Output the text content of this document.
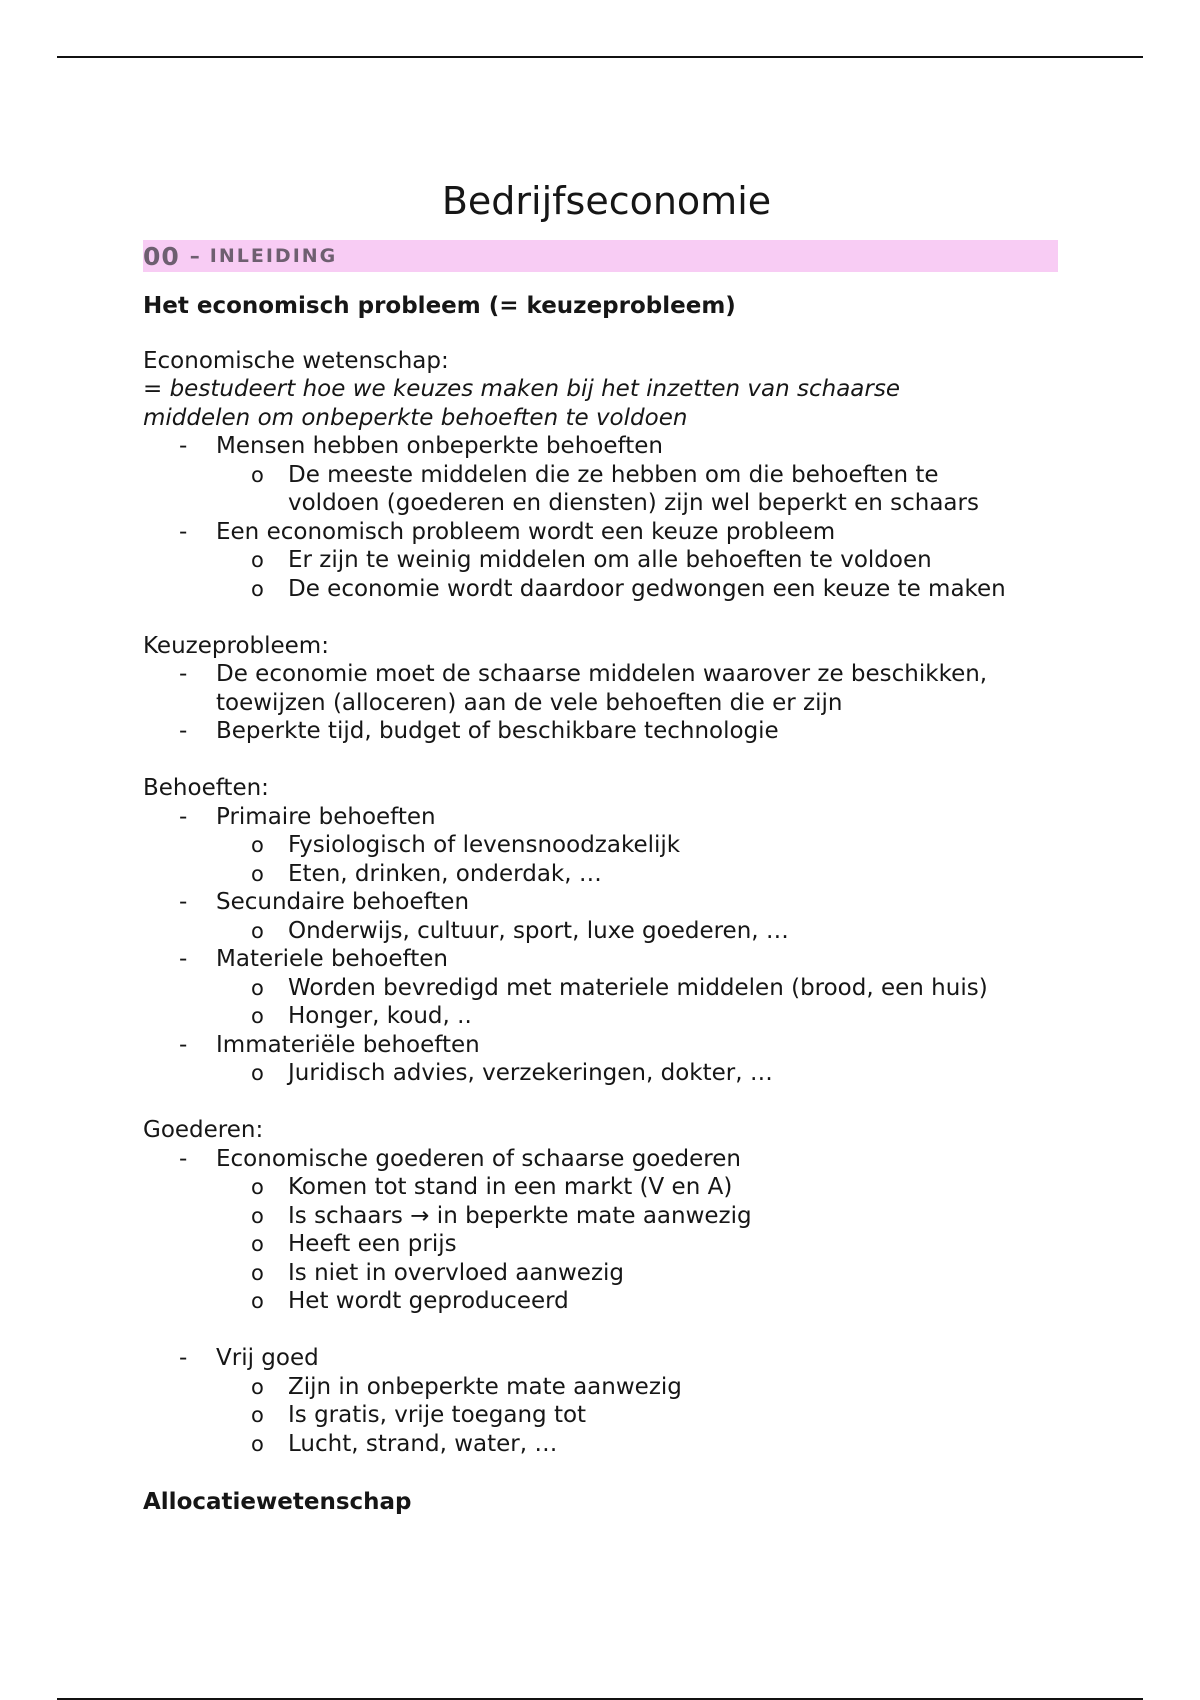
Bedrijfseconomie
00 – INLEIDING
Het economisch probleem (= keuzeprobleem)
Economische wetenschap:
= bestudeert hoe we keuzes maken bij het inzetten van schaarse
middelen om onbeperkte behoeften te voldoen
- Mensen hebben onbeperkte behoeften
o De meeste middelen die ze hebben om die behoeften te
voldoen (goederen en diensten) zijn wel beperkt en schaars
- Een economisch probleem wordt een keuze probleem
o Er zijn te weinig middelen om alle behoeften te voldoen
o De economie wordt daardoor gedwongen een keuze te maken
Keuzeprobleem:
- De economie moet de schaarse middelen waarover ze beschikken,
toewijzen (alloceren) aan de vele behoeften die er zijn
- Beperkte tijd, budget of beschikbare technologie
Behoeften:
- Primaire behoeften
o Fysiologisch of levensnoodzakelijk
o Eten, drinken, onderdak, …
- Secundaire behoeften
o Onderwijs, cultuur, sport, luxe goederen, …
- Materiele behoeften
o Worden bevredigd met materiele middelen (brood, een huis)
o Honger, koud, ..
- Immateriële behoeften
o Juridisch advies, verzekeringen, dokter, …
Goederen:
- Economische goederen of schaarse goederen
o Komen tot stand in een markt (V en A)
o Is schaars → in beperkte mate aanwezig
o Heeft een prijs
o Is niet in overvloed aanwezig
o Het wordt geproduceerd
- Vrij goed
o Zijn in onbeperkte mate aanwezig
o Is gratis, vrije toegang tot
o Lucht, strand, water, …
Allocatiewetenschap
